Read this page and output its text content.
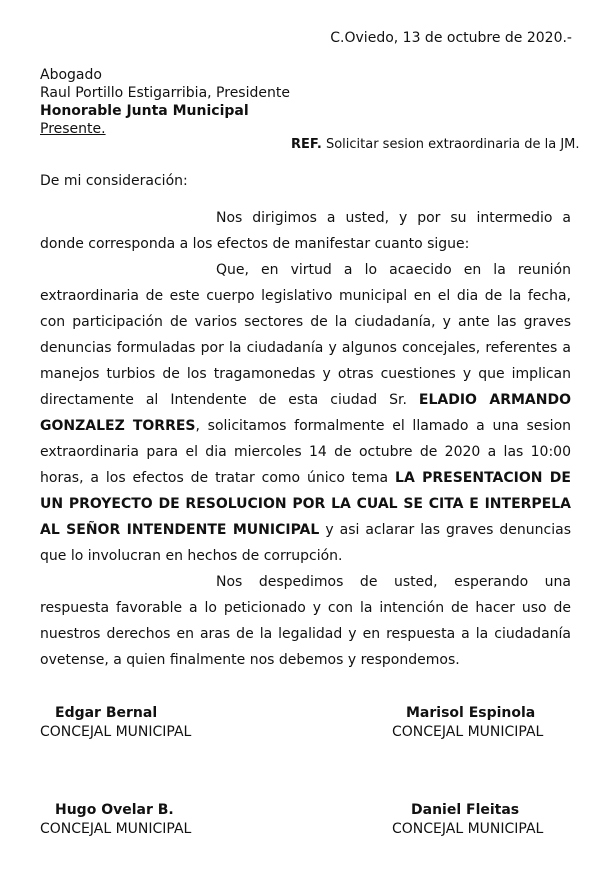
C.Oviedo, 13 de octubre de 2020.-
Abogado
Raul Portillo Estigarribia, Presidente
Honorable Junta Municipal
Presente.
REF. Solicitar sesion extraordinaria de la JM.
De mi consideración:

Nos dirigimos a usted, y por su intermedio a donde corresponda a los efectos de manifestar cuanto sigue:

Que, en virtud a lo acaecido en la reunión extraordinaria de este cuerpo legislativo municipal en el dia de la fecha, con participación de varios sectores de la ciudadanía, y ante las graves denuncias formuladas por la ciudadanía y algunos concejales, referentes a manejos turbios de los tragamonedas y otras cuestiones y que implican directamente al Intendente de esta ciudad Sr. ELADIO ARMANDO GONZALEZ TORRES, solicitamos formalmente el llamado a una sesion extraordinaria para el dia miercoles 14 de octubre de 2020 a las 10:00 horas, a los efectos de tratar como único tema LA PRESENTACION DE UN PROYECTO DE RESOLUCION POR LA CUAL SE CITA E INTERPELA AL SEÑOR INTENDENTE MUNICIPAL y asi aclarar las graves denuncias que lo involucran en hechos de corrupción.

Nos despedimos de usted, esperando una respuesta favorable a lo peticionado y con la intención de hacer uso de nuestros derechos en aras de la legalidad y en respuesta a la ciudadanía ovetense, a quien finalmente nos debemos y respondemos.

Edgar Bernal
CONCEJAL MUNICIPAL
Marisol Espinola
CONCEJAL MUNICIPAL
Hugo Ovelar B.
CONCEJAL MUNICIPAL
Daniel Fleitas
CONCEJAL MUNICIPAL
